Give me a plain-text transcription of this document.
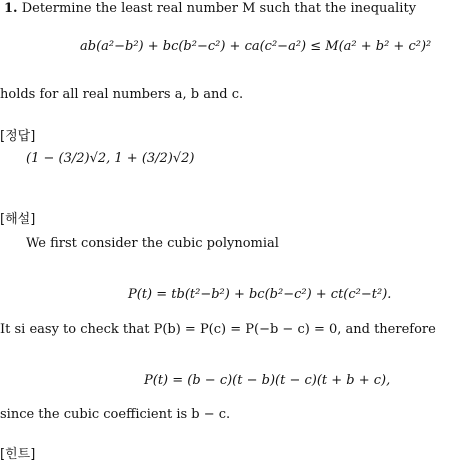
1. Determine the least real number M such that the inequality
ab(a²−b²) + bc(b²−c²) + ca(c²−a²) ≤ M(a² + b² + c²)²
holds for all real numbers a, b and c.
[정답]
(1 − (3/2)√2, 1 + (3/2)√2)
[해설]
We first consider the cubic polynomial
P(t) = tb(t²−b²) + bc(b²−c²) + ct(c²−t²).
It si easy to check that P(b) = P(c) = P(−b − c) = 0, and therefore
P(t) = (b − c)(t − b)(t − c)(t + b + c),
since the cubic coefficient is b − c.
[힌트]
